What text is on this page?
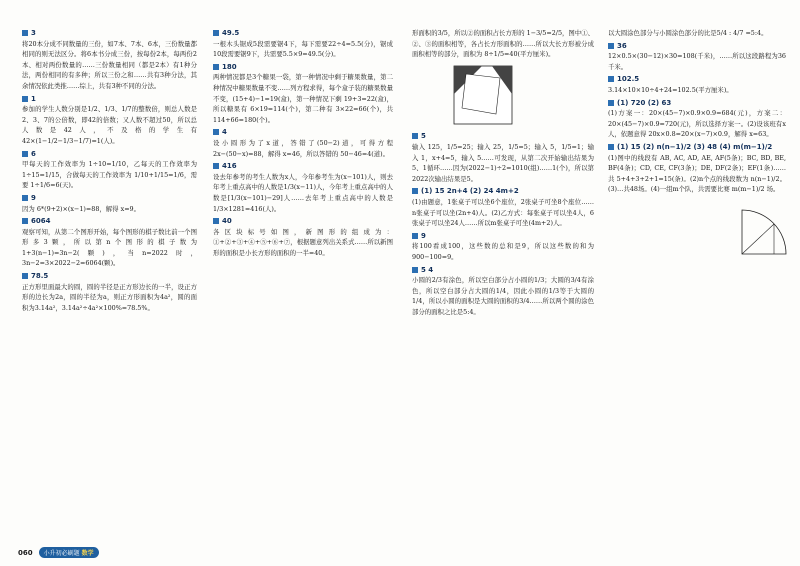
3

将20本分成不同数量的三份，如7本、7本、6本，三份数量都相同的则无法区分。将6本书分成三份，按每份2本，每两份2本、相对两份数量的……三份数量相同（都是2本）有1种分法，两份相同的有多种；所以三份之和……共有3种分法，其余情况依此类推……综上，共有3种不同的分法。

1

参加的学生人数分别是1/2、1/3、1/7的整数倍，则总人数是2、3、7的公倍数，即42的倍数；又人数不超过50，所以总人数是42人，不及格的学生有 42×(1−1/2−1/3−1/7)=1(人)。

6

甲每天的工作效率为 1÷10=1/10，乙每天的工作效率为 1÷15=1/15，合做每天的工作效率为 1/10+1/15=1/6，需要 1÷1/6=6(天)。

9

因为 6*(9+2)×(x−1)=88，解得 x=9。

6064

观察可知，从第二个图形开始，每个图形的棋子数比前一个图形多3颗，所以第n个图形的棋子数为 1+3(n−1)=3n−2(颗)，当n=2022时，3n−2=3×2022−2=6064(颗)。

78.5

正方形里面最大的圆，圆的半径是正方形边长的一半，设正方形的边长为2a，圆的半径为a，则正方形面积为4a²，圆的面积为3.14a²，3.14a²÷4a²×100%=78.5%。

49.5

一根木头锯成5段需要锯4下，每下需要22÷4=5.5(分)，锯成10段需要锯9下，共需要5.5×9=49.5(分)。

180

两种情况都是3个糖果一袋，第一种情况中剩于糖果数量，第二种情况中糖果数量不变……列方程求得，每个盒子装的糖果数量不变，(15+4)−1=19(盒)，第一种情况下剩 19+3=22(盒)，所以糖果有 6×19=114(个)，第二种有 3×22=66(个)，共 114+66=180(个)。

4

设小圆形为了x道，答错了(50−2)道，可得方程 2x−(50−x)=88，解得 x=46，所以答错的 50−46=4(道)。

416

设去年参考的考生人数为x人，今年参考生为(x−101)人，则去年考上重点高中的人数是1/3(x−11)人，今年考上重点高中的人数是[1/3(x−101)−29]人……去年考上重点高中的人数是1/3×1281=416(人)。

40

各区块标号如图，新图形的组成为：①+②+③+④+⑤+⑥+⑦，根据题意列出关系式……所以新图形的面积是小长方形的面积的一半=40。

形面积的3/5，所以②的面积占长方形的 1−3/5=2/5，图中①、②、③的面积相等，各占长方形面积的……所以大长方形被分成面积相等的部分，面积为 8÷1/5=40(平方厘米)。

5

输入 125，1/5=25；输入 25，1/5=5；输入 5，1/5=1；输入 1，x+4=5，输入 5……可发现，从第二次开始输出结果为5、1循环……因为(2022−1)÷2=1010(组)……1(个)，所以第2022次输出结果是5。

(1) 15 2n+4 (2) 24 4m+2

(1)由题意，1张桌子可以坐6个座位，2张桌子可坐8个座位……n张桌子可以坐(2n+4)人。(2)乙方式：每张桌子可以坐4人，6张桌子可以坐24人……所以m张桌子可坐(4m+2)人。

9

将100看成100，这些数的总和是9，所以这些数的和为 900−100=9。

5 4

小圆的2/3有涂色，所以空白部分占小圆的1/3；大圆的3/4有涂色，所以空白部分占大圆的1/4，因此小圆的1/3等于大圆的1/4，所以小圆的面积是大圆的面积的3/4……所以两个圆的涂色部分的面积之比是5:4。

以大圆涂色部分与小圆涂色部分的比是5/4 : 4/7 =5:4。

36

12×0.5×(30−12)×30=108(千米)，……所以这段路程为36千米。

102.5

3.14×10×10÷4+24=102.5(平方厘米)。

(1) 720 (2) 63

(1)方案一：20×(45−7)×0.9×0.9=684(元)，方案二：20×(45−7)×0.9=720(元)，所以选择方案一。(2)设该班有x人，依题意得 20x×0.8=20×(x−7)×0.9，解得 x=63。

(1) 15 (2) n(n−1)/2 (3) 48 (4) m(m−1)/2

(1)图中的线段有 AB, AC, AD, AE, AF(5条)；BC, BD, BE, BF(4条)；CD, CE, CF(3条)；DE, DF(2条)；EF(1条)……共 5+4+3+2+1=15(条)。(2)n个点的线段数为 n(n−1)/2。(3)…共48场。(4)一组m个队，共需要比赛 m(m−1)/2 场。

060	小升初必刷题 数学
